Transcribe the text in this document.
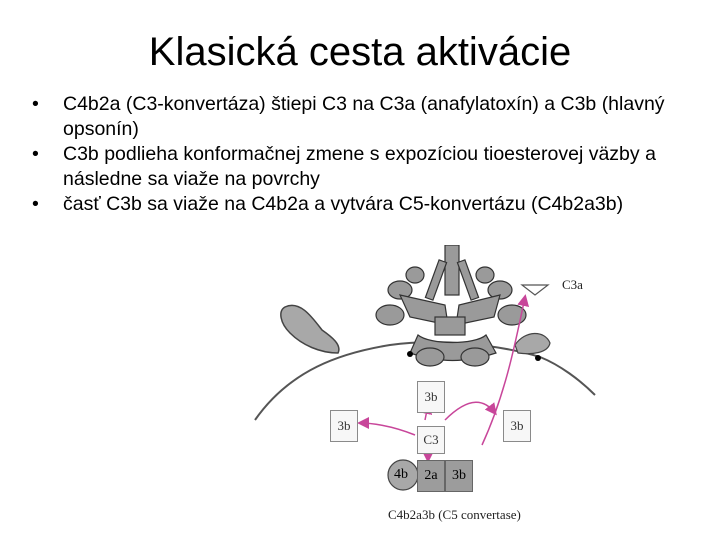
Klasická cesta aktivácie
• C4b2a (C3-konvertáza) štiepi C3 na C3a (anafylatoxín) a C3b (hlavný opsonín)
• C3b podlieha konformačnej zmene s expozíciou tioesterovej väzby a následne sa viaže na povrchy
• časť C3b sa viaže na C4b2a a vytvára C5-konvertázu (C4b2a3b)
3b
3b	3b
C3
4b	2a	3b
C3a
C4b2a3b (C5 convertase)
